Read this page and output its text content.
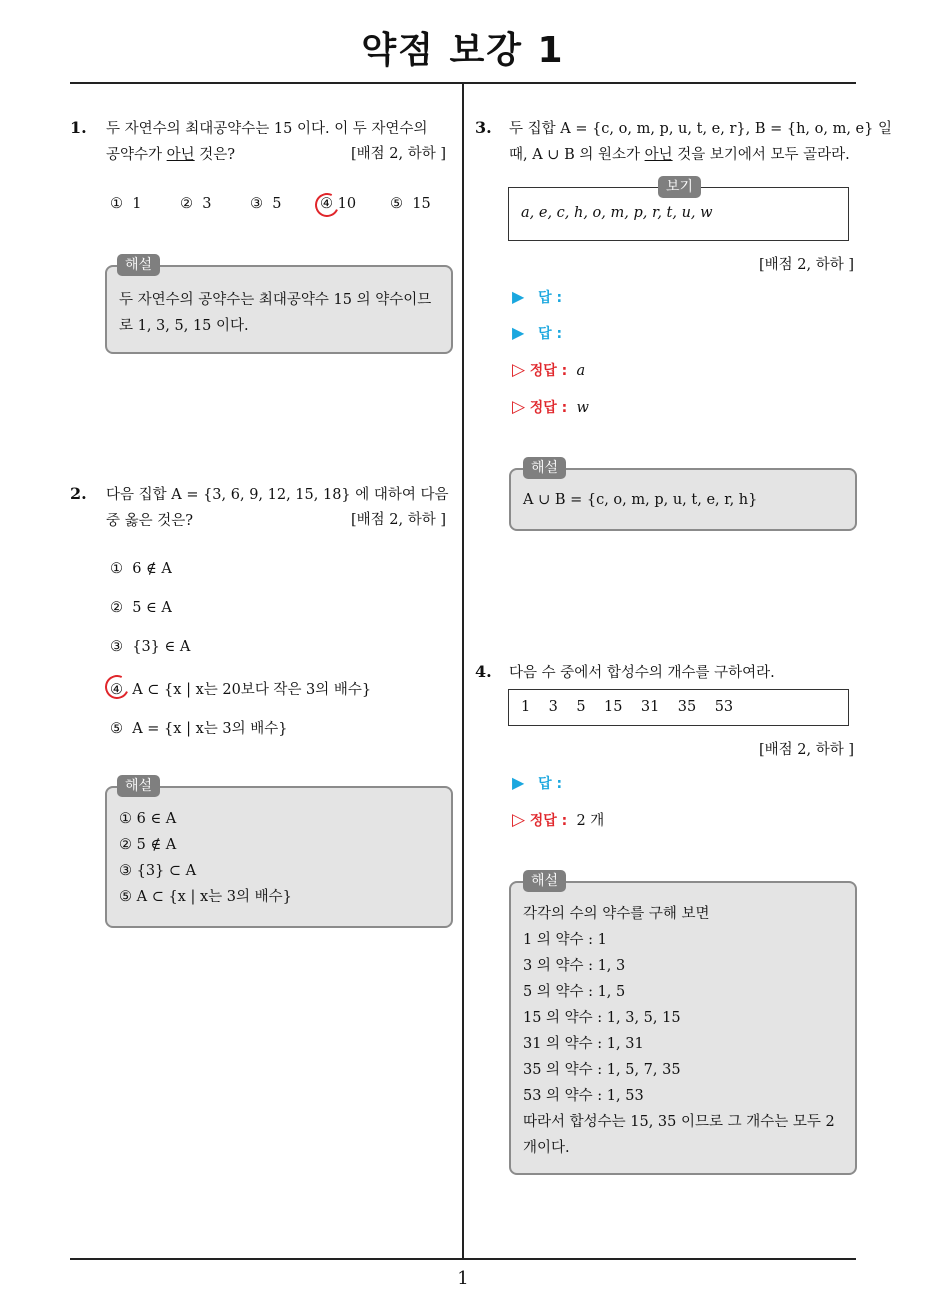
약점 보강 1
1
1. 두 자연수의 최대공약수는 15 이다. 이 두 자연수의
공약수가 아닌 것은?	[배점 2, 하하 ]
① 1	② 3	③ 5	④ 10 ⑤ 15
두 자연수의 공약수는 최대공약수 15 의 약수이므
로 1, 3, 5, 15 이다.
해설
2. 다음 집합 A = {3, 6, 9, 12, 15, 18} 에 대하여 다음
중 옳은 것은?	[배점 2, 하하 ]
① 6 ∉ A
② 5 ∈ A
③ {3} ∈ A
④ A ⊂ {x | x는 20보다 작은 3의 배수}
⑤ A = {x | x는 3의 배수}
① 6 ∈ A
② 5 ∉ A
③ {3} ⊂ A
⑤ A ⊂ {x | x는 3의 배수}
해설
3. 두 집합 A = {c, o, m, p, u, t, e, r}, B = {h, o, m, e} 일
때, A ∪ B 의 원소가 아닌 것을 보기에서 모두 골라라.
a, e, c, h, o, m, p, r, t, u, w
보기
[배점 2, 하하 ]
▶ 답 :
▶ 답 :
▷ 정답 : a
▷ 정답 : w
A ∪ B = {c, o, m, p, u, t, e, r, h}
해설
4. 다음 수 중에서 합성수의 개수를 구하여라.
1 3 5 15 31 35 53
[배점 2, 하하 ]
▶ 답 :
▷ 정답 : 2 개
각각의 수의 약수를 구해 보면
1 의 약수 : 1
3 의 약수 : 1, 3
5 의 약수 : 1, 5
15 의 약수 : 1, 3, 5, 15
31 의 약수 : 1, 31
35 의 약수 : 1, 5, 7, 35
53 의 약수 : 1, 53
따라서 합성수는 15, 35 이므로 그 개수는 모두 2
개이다.
해설
